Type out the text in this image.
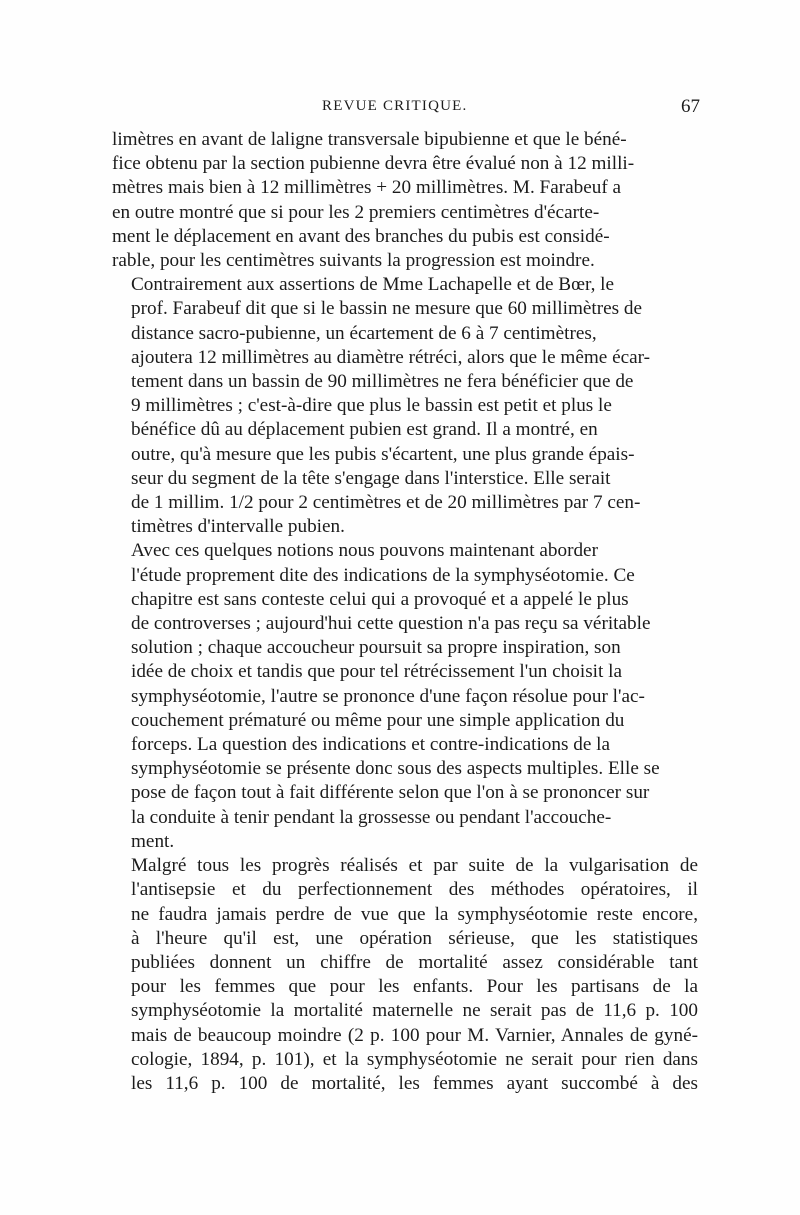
REVUE CRITIQUE.	67

limètres en avant de laligne transversale bipubienne et que le béné-
fice obtenu par la section pubienne devra être évalué non à 12 milli-
mètres mais bien à 12 millimètres + 20 millimètres. M. Farabeuf a
en outre montré que si pour les 2 premiers centimètres d'écarte-
ment le déplacement en avant des branches du pubis est considé-
rable, pour les centimètres suivants la progression est moindre.

Contrairement aux assertions de Mme Lachapelle et de Bœr, le
prof. Farabeuf dit que si le bassin ne mesure que 60 millimètres de
distance sacro-pubienne, un écartement de 6 à 7 centimètres,
ajoutera 12 millimètres au diamètre rétréci, alors que le même écar-
tement dans un bassin de 90 millimètres ne fera bénéficier que de
9 millimètres ; c'est-à-dire que plus le bassin est petit et plus le
bénéfice dû au déplacement pubien est grand. Il a montré, en
outre, qu'à mesure que les pubis s'écartent, une plus grande épais-
seur du segment de la tête s'engage dans l'interstice. Elle serait
de 1 millim. 1/2 pour 2 centimètres et de 20 millimètres par 7 cen-
timètres d'intervalle pubien.

Avec ces quelques notions nous pouvons maintenant aborder
l'étude proprement dite des indications de la symphyséotomie. Ce
chapitre est sans conteste celui qui a provoqué et a appelé le plus
de controverses ; aujourd'hui cette question n'a pas reçu sa véritable
solution ; chaque accoucheur poursuit sa propre inspiration, son
idée de choix et tandis que pour tel rétrécissement l'un choisit la
symphyséotomie, l'autre se prononce d'une façon résolue pour l'ac-
couchement prématuré ou même pour une simple application du
forceps. La question des indications et contre-indications de la
symphyséotomie se présente donc sous des aspects multiples. Elle se
pose de façon tout à fait différente selon que l'on à se prononcer sur
la conduite à tenir pendant la grossesse ou pendant l'accouche-
ment.

Malgré tous les progrès réalisés et par suite de la vulgarisation de
l'antisepsie et du perfectionnement des méthodes opératoires, il
ne faudra jamais perdre de vue que la symphyséotomie reste encore,
à l'heure qu'il est, une opération sérieuse, que les statistiques
publiées donnent un chiffre de mortalité assez considérable tant
pour les femmes que pour les enfants. Pour les partisans de la
symphyséotomie la mortalité maternelle ne serait pas de 11,6 p. 100
mais de beaucoup moindre (2 p. 100 pour M. Varnier, Annales de gyné-
cologie, 1894, p. 101), et la symphyséotomie ne serait pour rien dans
les 11,6 p. 100 de mortalité, les femmes ayant succombé à des
